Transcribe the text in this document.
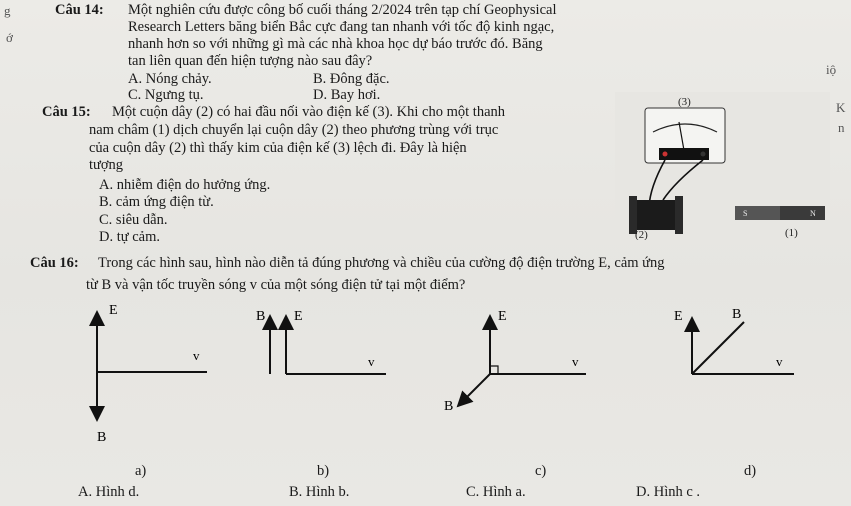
g
ớ
iộ
K
n
Câu 14: Một nghiên cứu được công bố cuối tháng 2/2024 trên tạp chí Geophysical
Research Letters băng biển Bắc cực đang tan nhanh với tốc độ kinh ngạc,
nhanh hơn so với những gì mà các nhà khoa học dự báo trước đó. Băng
tan liên quan đến hiện tượng nào sau đây?
A. Nóng chảy.	B. Đông đặc.
C. Ngưng tụ.	D. Bay hơi.
Câu 15: Một cuộn dây (2) có hai đầu nối vào điện kế (3). Khi cho một thanh
nam châm (1) dịch chuyển lại cuộn dây (2) theo phương trùng với trục
của cuộn dây (2) thì thấy kim của điện kế (3) lệch đi. Đây là hiện
tượng
A. nhiễm điện do hưởng ứng.
B. cảm ứng điện từ.
C. siêu dẫn.
D. tự cảm.
(3)
S	N
(2)	(1)
Câu 16: Trong các hình sau, hình nào diễn tả đúng phương và chiều của cường độ điện trường E, cảm ứng
từ B và vận tốc truyền sóng v của một sóng điện tử tại một điểm?
E
v
B
B E
v
E
v
B
E	B
v
a)	b)	c)	d)
A. Hình d.	B. Hình b.	C. Hình a.	D. Hình c .
